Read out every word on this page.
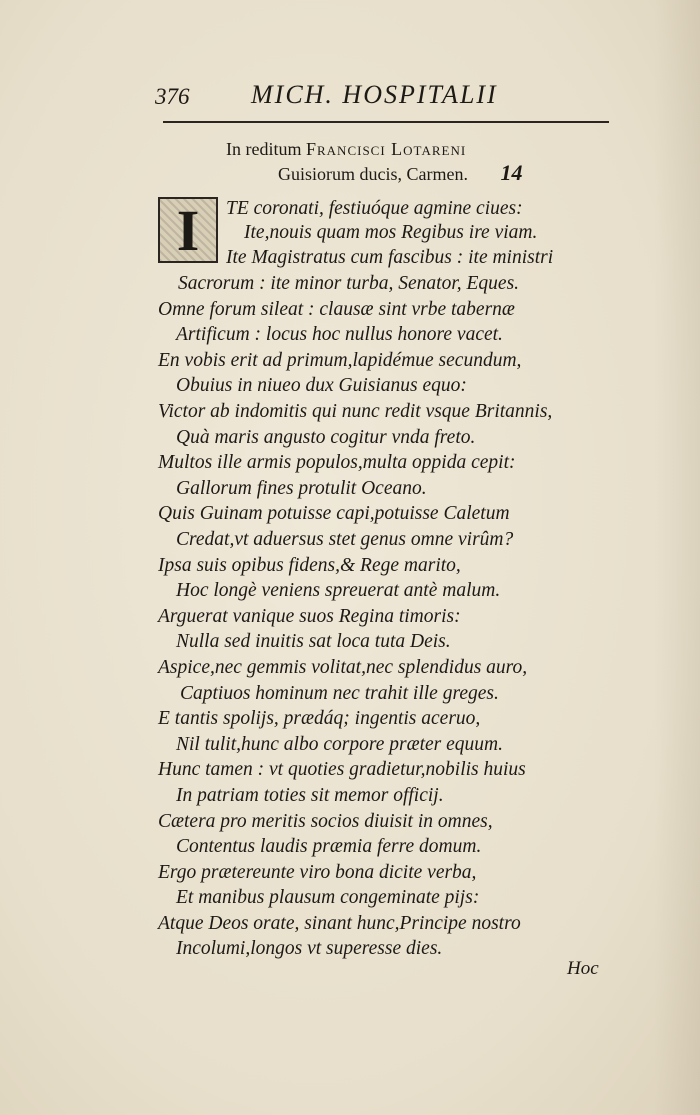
376 MICH. HOSPITALII
In reditum Francisci Lotareni
Guisiorum ducis, Carmen. 14
I	TE coronati, festiuóque agmine ciues:
Ite,nouis quam mos Regibus ire viam.
Ite Magistratus cum fascibus : ite ministri
Sacrorum : ite minor turba, Senator, Eques.
Omne forum sileat : clausæ sint vrbe tabernæ
Artificum : locus hoc nullus honore vacet.
En vobis erit ad primum,lapidémue secundum,
Obuius in niueo dux Guisianus equo:
Victor ab indomitis qui nunc redit vsque Britannis,
Quà maris angusto cogitur vnda freto.
Multos ille armis populos,multa oppida cepit:
Gallorum fines protulit Oceano.
Quis Guinam potuisse capi,potuisse Caletum
Credat,vt aduersus stet genus omne virûm?
Ipsa suis opibus fidens,& Rege marito,
Hoc longè veniens spreuerat antè malum.
Arguerat vanique suos Regina timoris:
Nulla sed inuitis sat loca tuta Deis.
Aspice,nec gemmis volitat,nec splendidus auro,
Captiuos hominum nec trahit ille greges.
E tantis spolijs, prædáq; ingentis aceruo,
Nil tulit,hunc albo corpore præter equum.
Hunc tamen : vt quoties gradietur,nobilis huius
In patriam toties sit memor officij.
Cætera pro meritis socios diuisit in omnes,
Contentus laudis præmia ferre domum.
Ergo prætereunte viro bona dicite verba,
Et manibus plausum congeminate pijs:
Atque Deos orate, sinant hunc,Principe nostro
Incolumi,longos vt superesse dies.
Hoc
